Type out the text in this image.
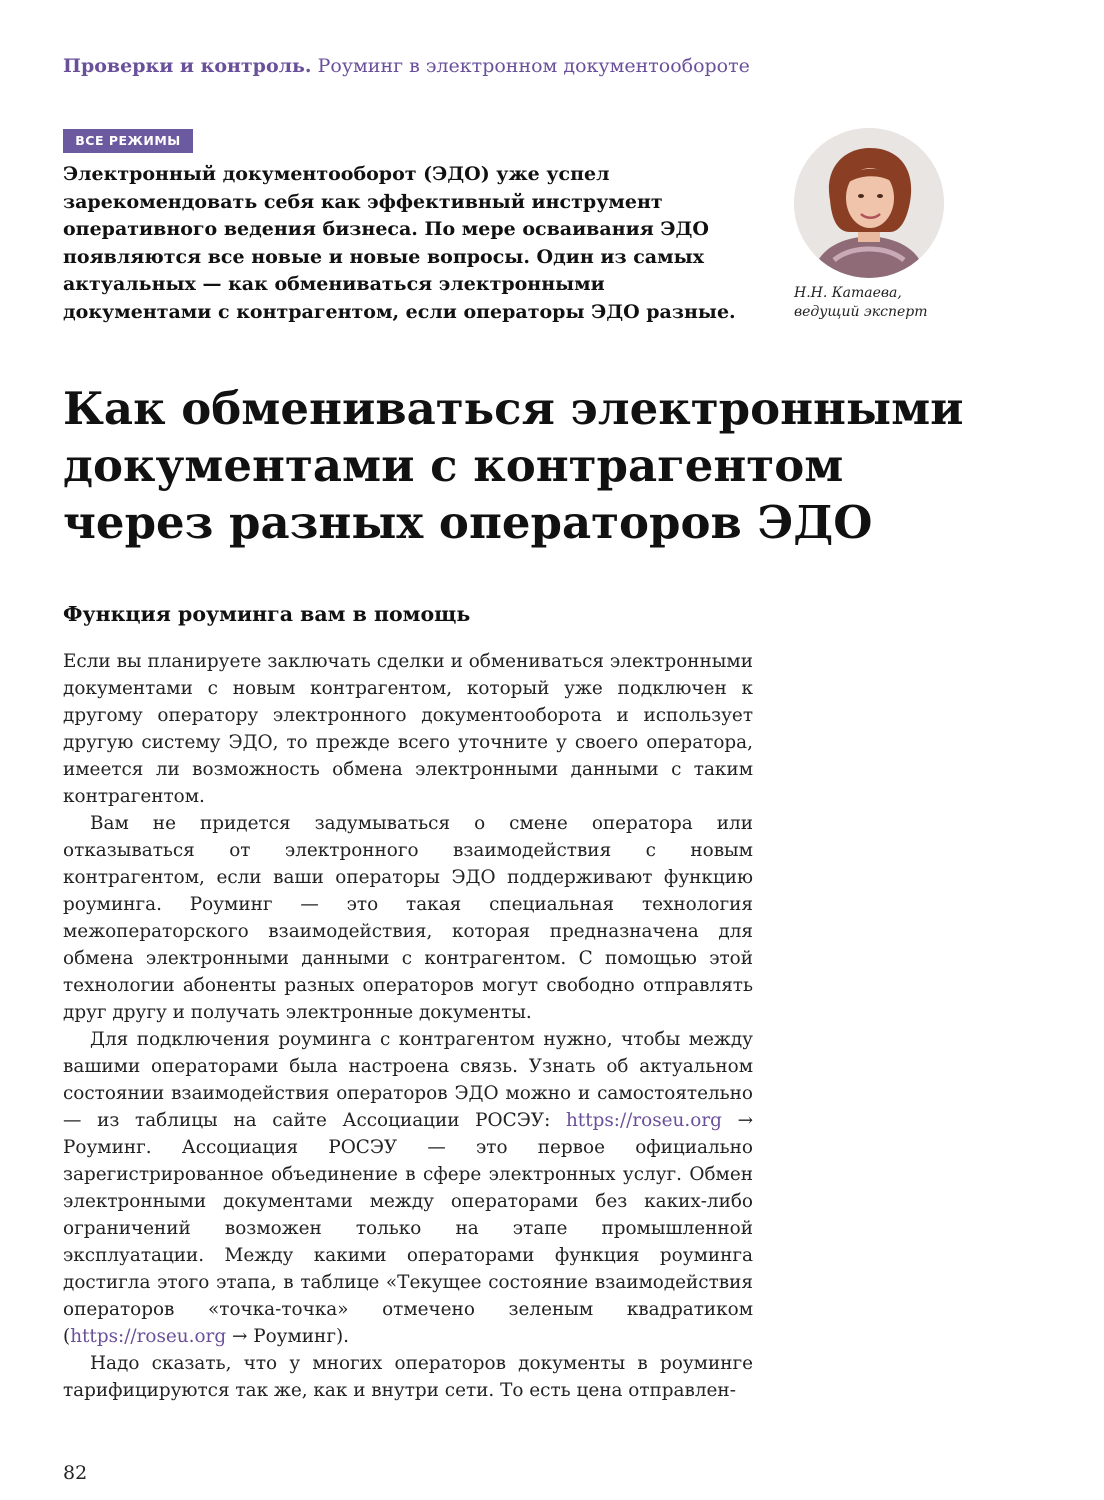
Проверки и контроль. Роуминг в электронном документообороте
ВСЕ РЕЖИМЫ

Электронный документооборот (ЭДО) уже успел зарекомендовать себя как эффективный инструмент оперативного ведения бизнеса. По мере осваивания ЭДО появляются все новые и новые вопросы. Один из самых актуальных — как обмениваться электронными документами с контрагентом, если операторы ЭДО разные.

Н.Н. Катаева,
ведущий эксперт
Как обмениваться электронными
документами с контрагентом
через разных операторов ЭДО
Функция роуминга вам в помощь

Если вы планируете заключать сделки и обмениваться электронными документами с новым контрагентом, который уже подключен к другому оператору электронного документооборота и использует другую систему ЭДО, то прежде всего уточните у своего оператора, имеется ли возможность обмена электронными данными с таким контрагентом.

Вам не придется задумываться о смене оператора или отказываться от электронного взаимодействия с новым контрагентом, если ваши операторы ЭДО поддерживают функцию роуминга. Роуминг — это такая специальная технология межоператорского взаимодействия, которая предназначена для обмена электронными данными с контрагентом. С помощью этой технологии абоненты разных операторов могут свободно отправлять друг другу и получать электронные документы.

Для подключения роуминга с контрагентом нужно, чтобы между вашими операторами была настроена связь. Узнать об актуальном состоянии взаимодействия операторов ЭДО можно и самостоятельно — из таблицы на сайте Ассоциации РОСЭУ: https://roseu.org → Роуминг. Ассоциация РОСЭУ — это первое официально зарегистрированное объединение в сфере электронных услуг. Обмен электронными документами между операторами без каких-либо ограничений возможен только на этапе промышленной эксплуатации. Между какими операторами функция роуминга достигла этого этапа, в таблице «Текущее состояние взаимодействия операторов «точка-точка» отмечено зеленым квадратиком (https://roseu.org → Роуминг).

Надо сказать, что у многих операторов документы в роуминге тарифицируются так же, как и внутри сети. То есть цена отправлен-

82
